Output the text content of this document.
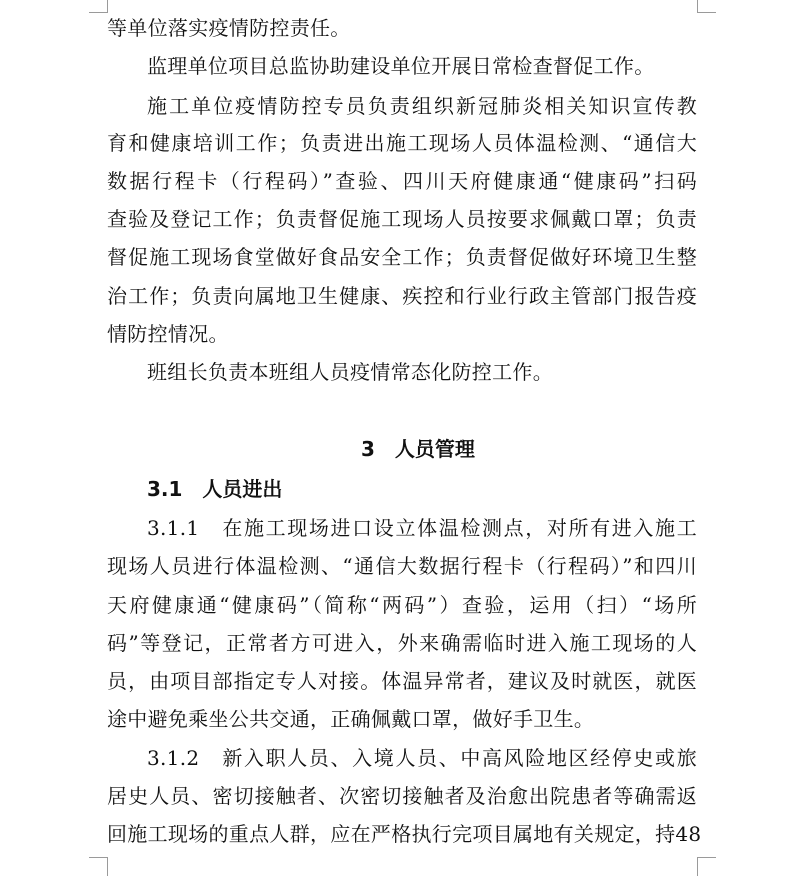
等单位落实疫情防控责任。
监理单位项目总监协助建设单位开展日常检查督促工作。
施工单位疫情防控专员负责组织新冠肺炎相关知识宣传教
育和健康培训工作；负责进出施工现场人员体温检测、“通信大
数据行程卡（行程码）”查验、四川天府健康通“健康码”扫码
查验及登记工作；负责督促施工现场人员按要求佩戴口罩；负责
督促施工现场食堂做好食品安全工作；负责督促做好环境卫生整
治工作；负责向属地卫生健康、疾控和行业行政主管部门报告疫
情防控情况。
班组长负责本班组人员疫情常态化防控工作。
3　人员管理
3.1　人员进出
3.1.1　在施工现场进口设立体温检测点，对所有进入施工
现场人员进行体温检测、“通信大数据行程卡（行程码）”和四川
天府健康通“健康码”（简称“两码”）查验，运用（扫）“场所
码”等登记，正常者方可进入，外来确需临时进入施工现场的人
员，由项目部指定专人对接。体温异常者，建议及时就医，就医
途中避免乘坐公共交通，正确佩戴口罩，做好手卫生。
3.1.2　新入职人员、入境人员、中高风险地区经停史或旅
居史人员、密切接触者、次密切接触者及治愈出院患者等确需返
回施工现场的重点人群，应在严格执行完项目属地有关规定，持48
